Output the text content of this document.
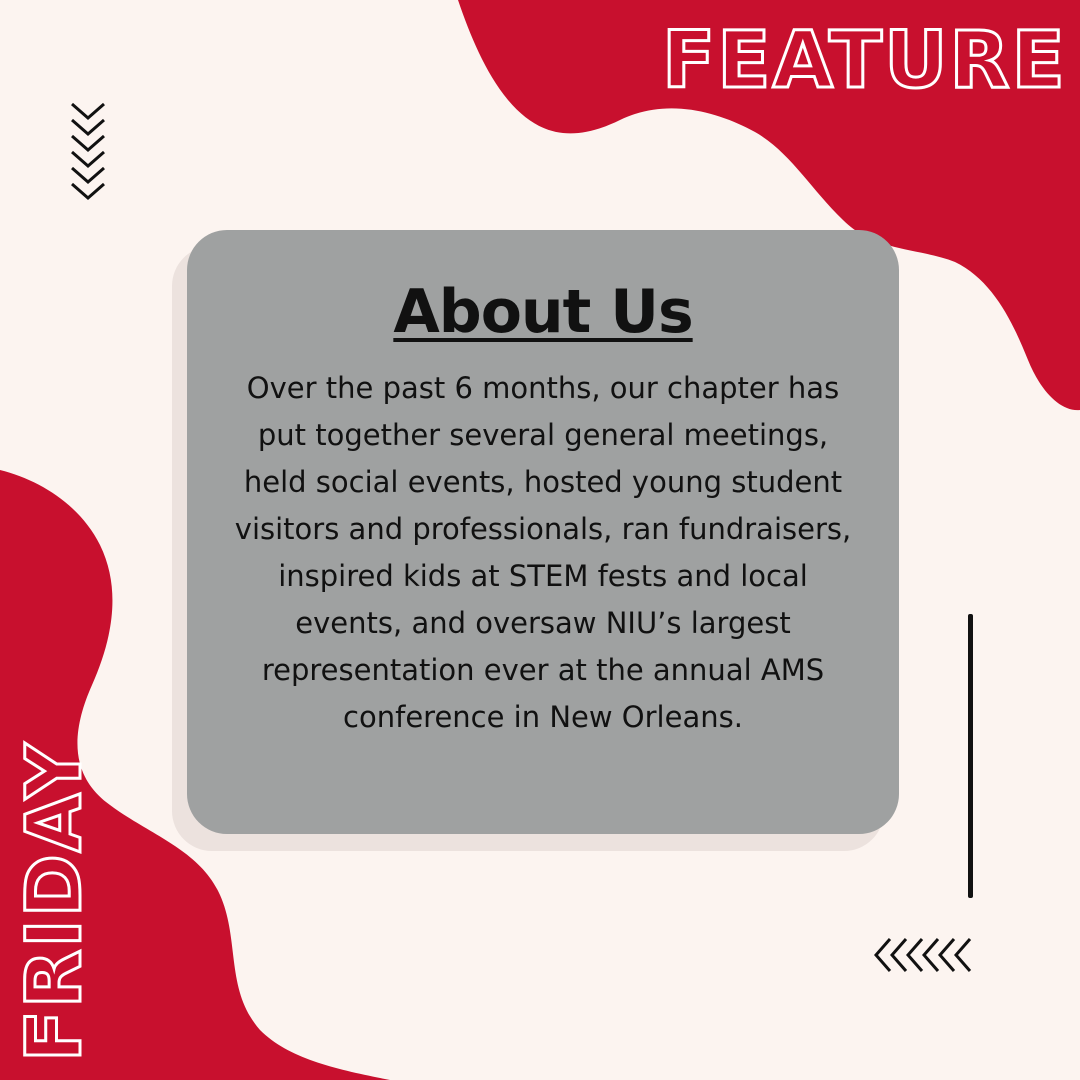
FEATURE
FRIDAY
About Us

Over the past 6 months, our chapter has put together several general meetings, held social events, hosted young student visitors and professionals, ran fundraisers, inspired kids at STEM fests and local events, and oversaw NIU’s largest representation ever at the annual AMS conference in New Orleans.
